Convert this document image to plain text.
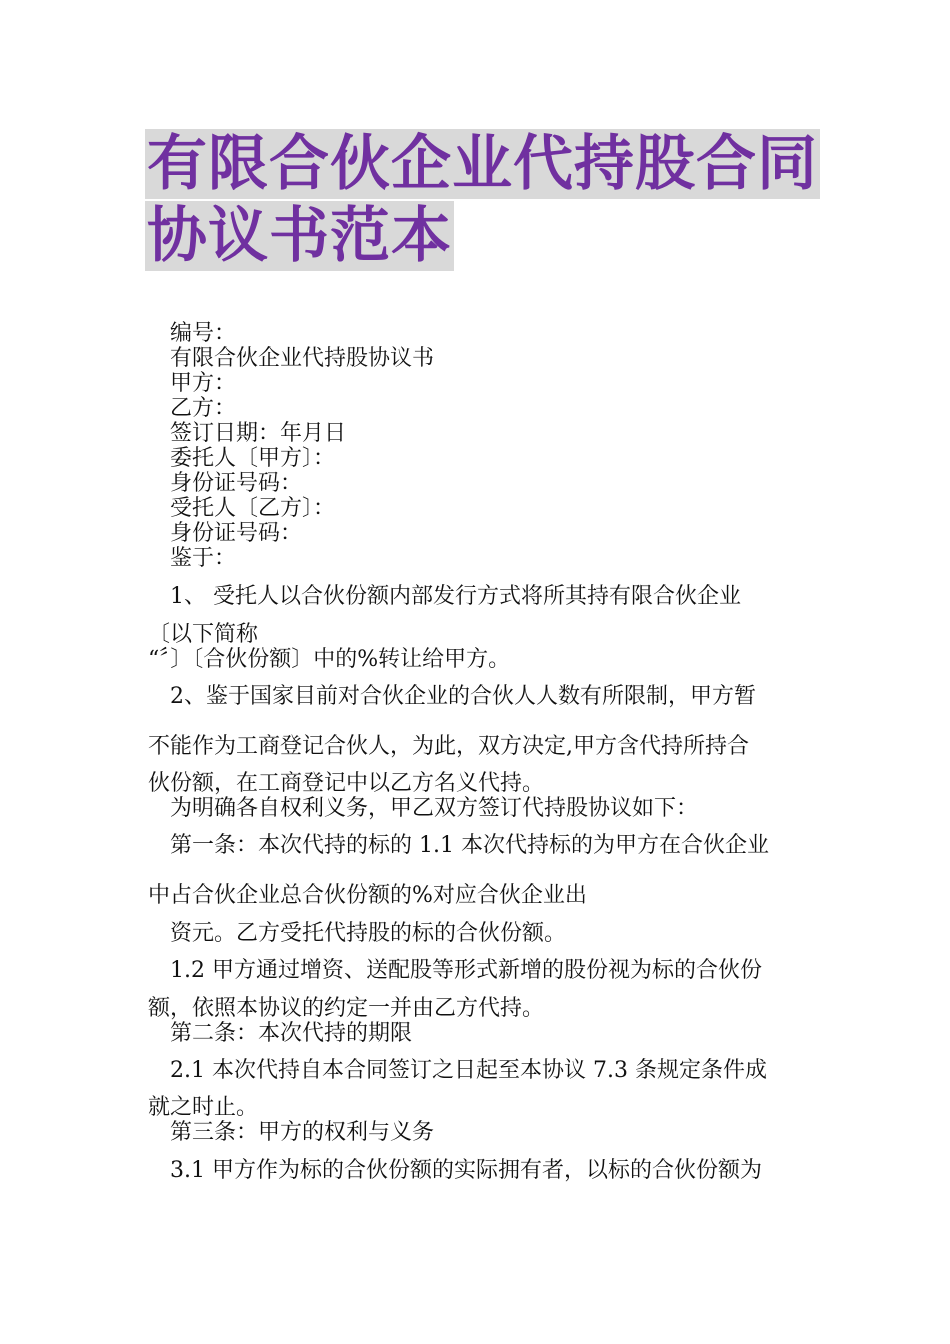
有限合伙企业代持股合同
协议书范本

编号：

有限合伙企业代持股协议书

甲方：

乙方：

签订日期：年月日

委托人〔甲方〕：

身份证号码：

受托人〔乙方〕：

身份证号码：

鉴于：

1、 受托人以合伙份额内部发行方式将所其持有限合伙企业

〔以下简称

“〞〕〔合伙份额〕中的%转让给甲方。

2、鉴于国家目前对合伙企业的合伙人人数有所限制，甲方暂

不能作为工商登记合伙人，为此，双方决定,甲方含代持所持合

伙份额，在工商登记中以乙方名义代持。

为明确各自权利义务，甲乙双方签订代持股协议如下：

第一条：本次代持的标的 1.1 本次代持标的为甲方在合伙企业

中占合伙企业总合伙份额的%对应合伙企业出

资元。乙方受托代持股的标的合伙份额。

1.2 甲方通过增资、送配股等形式新增的股份视为标的合伙份

额，依照本协议的约定一并由乙方代持。

第二条：本次代持的期限

2.1 本次代持自本合同签订之日起至本协议 7.3 条规定条件成

就之时止。

第三条：甲方的权利与义务

3.1 甲方作为标的合伙份额的实际拥有者，以标的合伙份额为
